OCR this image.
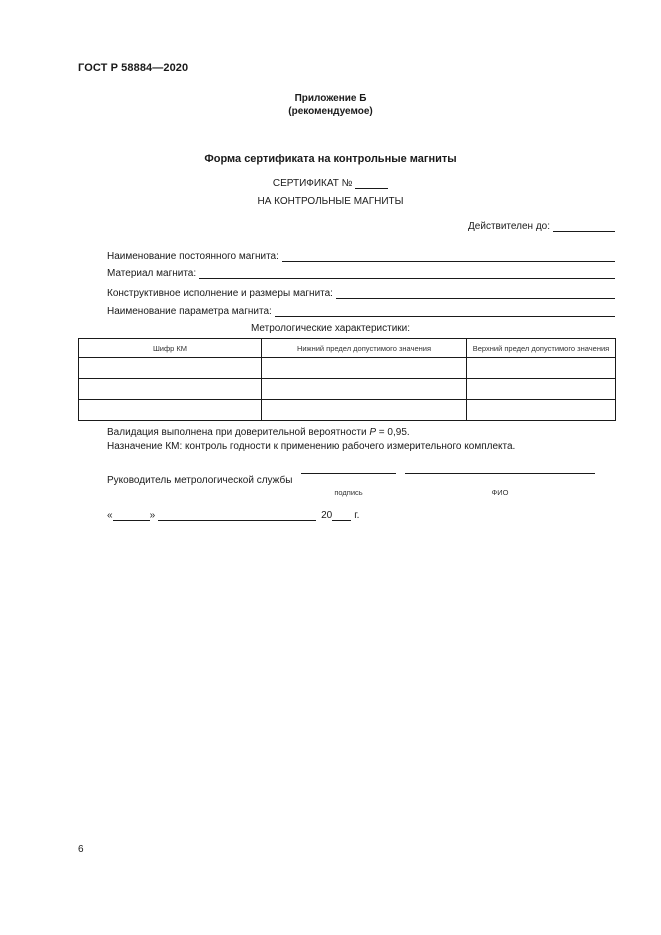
ГОСТ Р 58884—2020
Приложение Б
(рекомендуемое)
Форма сертификата на контрольные магниты
СЕРТИФИКАТ №
НА КОНТРОЛЬНЫЕ МАГНИТЫ
Действителен до:
Наименование постоянного магнита:
Материал магнита:
Конструктивное исполнение и размеры магнита:
Наименование параметра магнита:
Метрологические характеристики:
Шифр КМ	Нижний предел допустимого значения	Верхний предел допустимого значения

Валидация выполнена при доверительной вероятности P = 0,95.
Назначение КМ: контроль годности к применению рабочего измерительного комплекта.
Руководитель метрологической службы
подпись	ФИО
«	»	20 г.
6
